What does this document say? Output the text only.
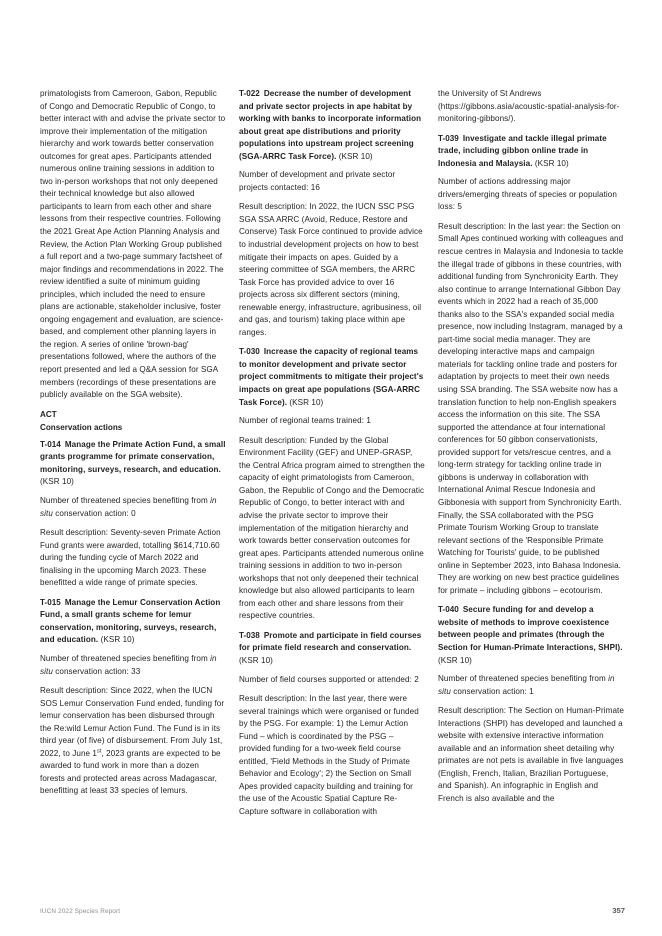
primatologists from Cameroon, Gabon, Republic of Congo and Democratic Republic of Congo, to better interact with and advise the private sector to improve their implementation of the mitigation hierarchy and work towards better conservation outcomes for great apes. Participants attended numerous online training sessions in addition to two in-person workshops that not only deepened their technical knowledge but also allowed participants to learn from each other and share lessons from their respective countries. Following the 2021 Great Ape Action Planning Analysis and Review, the Action Plan Working Group published a full report and a two-page summary factsheet of major findings and recommendations in 2022. The review identified a suite of minimum guiding principles, which included the need to ensure plans are actionable, stakeholder inclusive, foster ongoing engagement and evaluation, are science-based, and complement other planning layers in the region. A series of online 'brown-bag' presentations followed, where the authors of the report presented and led a Q&A session for SGA members (recordings of these presentations are publicly available on the SGA website).

ACT
Conservation actions

T-014 Manage the Primate Action Fund, a small grants programme for primate conservation, monitoring, surveys, research, and education. (KSR 10)

Number of threatened species benefiting from in situ conservation action: 0

Result description: Seventy-seven Primate Action Fund grants were awarded, totalling $614,710.60 during the funding cycle of March 2022 and finalising in the upcoming March 2023. These benefitted a wide range of primate species.

T-015 Manage the Lemur Conservation Action Fund, a small grants scheme for lemur conservation, monitoring, surveys, research, and education. (KSR 10)

Number of threatened species benefiting from in situ conservation action: 33

Result description: Since 2022, when the IUCN SOS Lemur Conservation Fund ended, funding for lemur conservation has been disbursed through the Re:wild Lemur Action Fund. The Fund is in its third year (of five) of disbursement. From July 1st, 2022, to June 1st, 2023 grants are expected to be awarded to fund work in more than a dozen forests and protected areas across Madagascar, benefitting at least 33 species of lemurs.

T-022 Decrease the number of development and private sector projects in ape habitat by working with banks to incorporate information about great ape distributions and priority populations into upstream project screening (SGA-ARRC Task Force). (KSR 10)

Number of development and private sector projects contacted: 16

Result description: In 2022, the IUCN SSC PSG SGA SSA ARRC (Avoid, Reduce, Restore and Conserve) Task Force continued to provide advice to industrial development projects on how to best mitigate their impacts on apes. Guided by a steering committee of SGA members, the ARRC Task Force has provided advice to over 16 projects across six different sectors (mining, renewable energy, infrastructure, agribusiness, oil and gas, and tourism) taking place within ape ranges.

T-030 Increase the capacity of regional teams to monitor development and private sector project commitments to mitigate their project's impacts on great ape populations (SGA-ARRC Task Force). (KSR 10)

Number of regional teams trained: 1

Result description: Funded by the Global Environment Facility (GEF) and UNEP-GRASP, the Central Africa program aimed to strengthen the capacity of eight primatologists from Cameroon, Gabon, the Republic of Congo and the Democratic Republic of Congo, to better interact with and advise the private sector to improve their implementation of the mitigation hierarchy and work towards better conservation outcomes for great apes. Participants attended numerous online training sessions in addition to two in-person workshops that not only deepened their technical knowledge but also allowed participants to learn from each other and share lessons from their respective countries.

T-038 Promote and participate in field courses for primate field research and conservation. (KSR 10)

Number of field courses supported or attended: 2

Result description: In the last year, there were several trainings which were organised or funded by the PSG. For example: 1) the Lemur Action Fund – which is coordinated by the PSG – provided funding for a two-week field course entitled, 'Field Methods in the Study of Primate Behavior and Ecology'; 2) the Section on Small Apes provided capacity building and training for the use of the Acoustic Spatial Capture Re-Capture software in collaboration with

the University of St Andrews (https://gibbons.asia/acoustic-spatial-analysis-for-monitoring-gibbons/).

T-039 Investigate and tackle illegal primate trade, including gibbon online trade in Indonesia and Malaysia. (KSR 10)

Number of actions addressing major drivers/emerging threats of species or population loss: 5

Result description: In the last year: the Section on Small Apes continued working with colleagues and rescue centres in Malaysia and Indonesia to tackle the illegal trade of gibbons in these countries, with additional funding from Synchronicity Earth. They also continue to arrange International Gibbon Day events which in 2022 had a reach of 35,000 thanks also to the SSA's expanded social media presence, now including Instagram, managed by a part-time social media manager. They are developing interactive maps and campaign materials for tackling online trade and posters for adaptation by projects to meet their own needs using SSA branding. The SSA website now has a translation function to help non-English speakers access the information on this site. The SSA supported the attendance at four international conferences for 50 gibbon conservationists, provided support for vets/rescue centres, and a long-term strategy for tackling online trade in gibbons is underway in collaboration with International Animal Rescue Indonesia and Gibbonesia with support from Synchronicity Earth. Finally, the SSA collaborated with the PSG Primate Tourism Working Group to translate relevant sections of the 'Responsible Primate Watching for Tourists' guide, to be published online in September 2023, into Bahasa Indonesia. They are working on new best practice guidelines for primate – including gibbons – ecotourism.

T-040 Secure funding for and develop a website of methods to improve coexistence between people and primates (through the Section for Human-Primate Interactions, SHPI). (KSR 10)

Number of threatened species benefiting from in situ conservation action: 1

Result description: The Section on Human-Primate Interactions (SHPI) has developed and launched a website with extensive interactive information available and an information sheet detailing why primates are not pets is available in five languages (English, French, Italian, Brazilian Portuguese, and Spanish). An infographic in English and French is also available and the

IUCN 2022 Species Report	357
